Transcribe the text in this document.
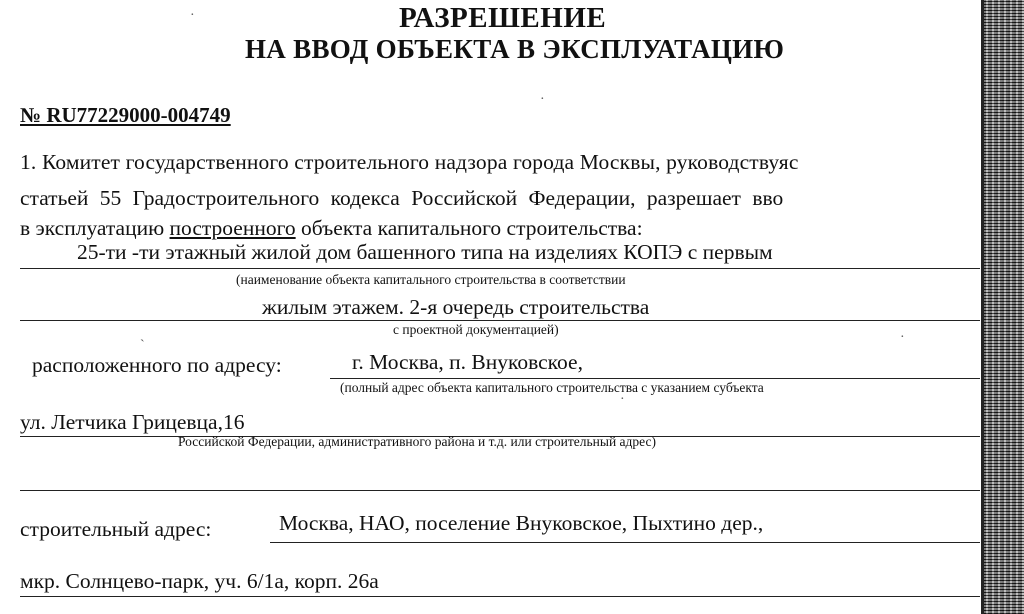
РАЗРЕШЕНИЕ
НА ВВОД ОБЪЕКТА В ЭКСПЛУАТАЦИЮ
№ RU77229000-004749
1. Комитет государственного строительного надзора города Москвы, руководствуяс
статьей 55 Градостроительного кодекса Российской Федерации, разрешает вво
в эксплуатацию построенного объекта капитального строительства:
25-ти -ти этажный жилой дом башенного типа на изделиях КОПЭ с первым
(наименование объекта капитального строительства в соответствии
жилым этажем. 2-я очередь строительства
с проектной документацией)
расположенного по адресу:	г. Москва, п. Внуковское,
(полный адрес объекта капитального строительства с указанием субъекта
ул. Летчика Грицевца,16
Российской Федерации, административного района и т.д. или строительный адрес)
строительный адрес:	Москва, НАО, поселение Внуковское, Пыхтино дер.,
мкр. Солнцево-парк, уч. 6/1а, корп. 26а
·
·
`
·
·
